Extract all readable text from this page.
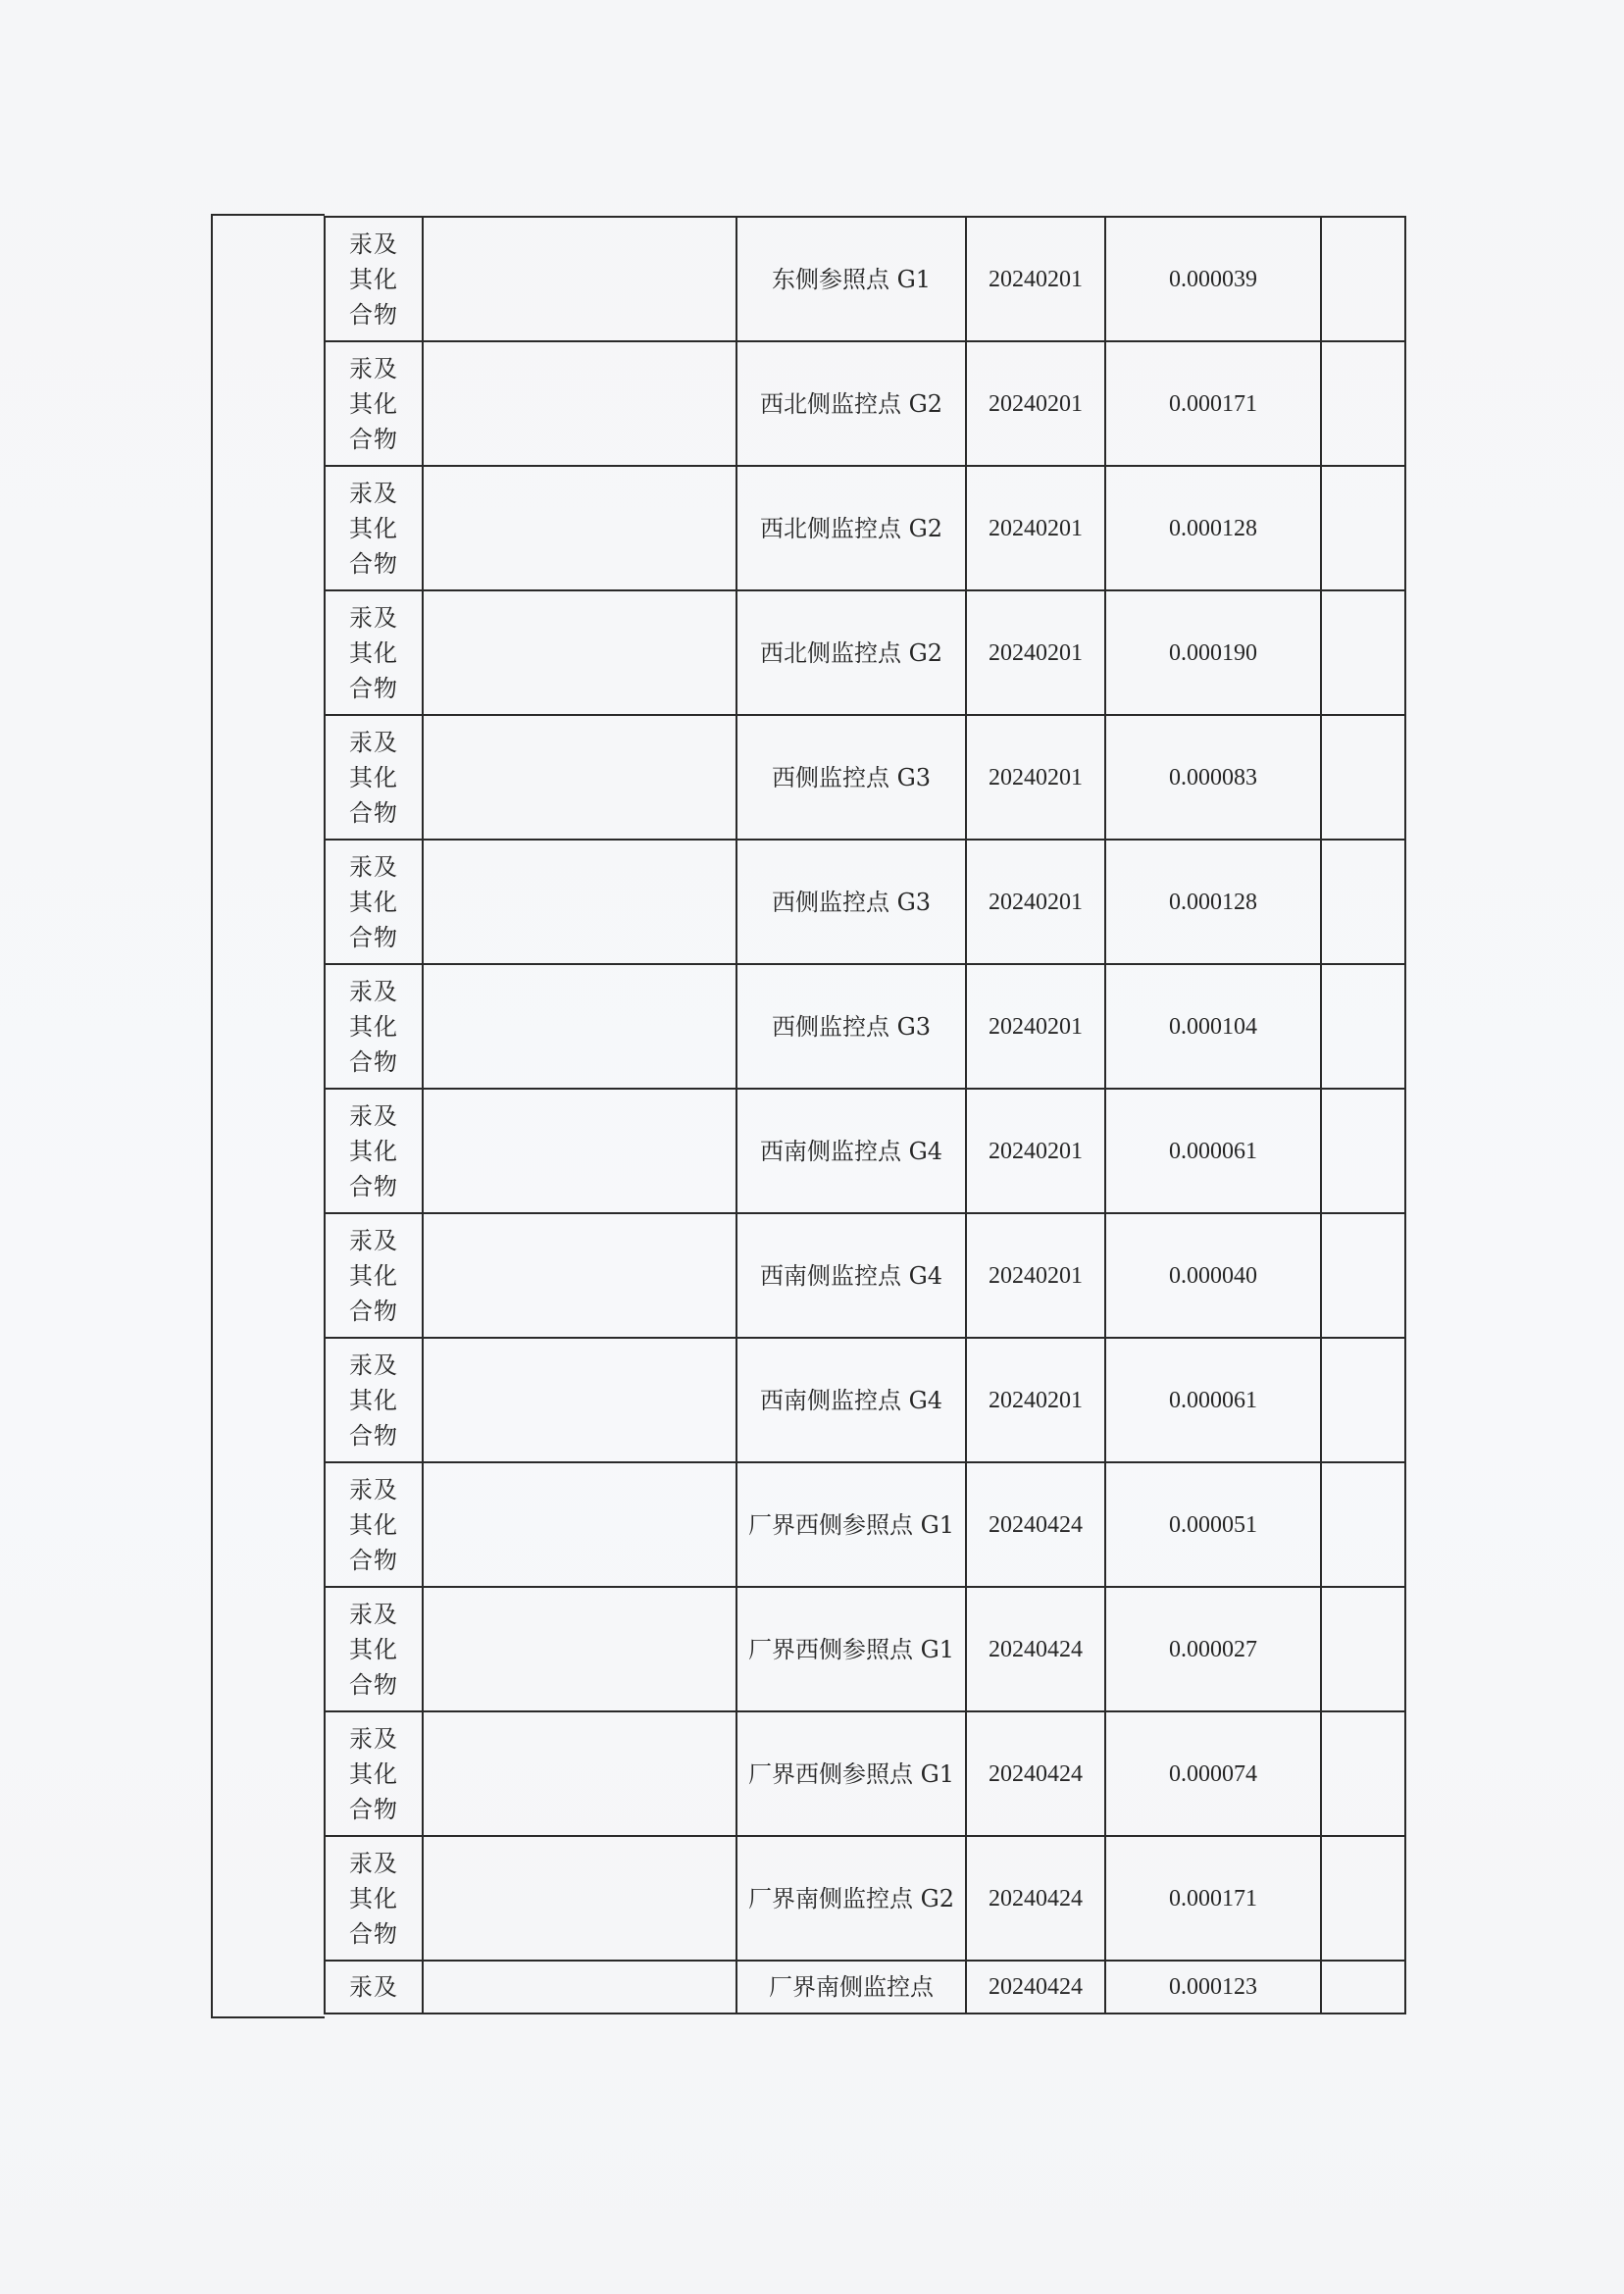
汞及其化合物		东侧参照点 G1	20240201	0.000039	
汞及其化合物		西北侧监控点 G2	20240201	0.000171	
汞及其化合物		西北侧监控点 G2	20240201	0.000128	
汞及其化合物		西北侧监控点 G2	20240201	0.000190	
汞及其化合物		西侧监控点 G3	20240201	0.000083	
汞及其化合物		西侧监控点 G3	20240201	0.000128	
汞及其化合物		西侧监控点 G3	20240201	0.000104	
汞及其化合物		西南侧监控点 G4	20240201	0.000061	
汞及其化合物		西南侧监控点 G4	20240201	0.000040	
汞及其化合物		西南侧监控点 G4	20240201	0.000061	
汞及其化合物		厂界西侧参照点 G1	20240424	0.000051	
汞及其化合物		厂界西侧参照点 G1	20240424	0.000027	
汞及其化合物		厂界西侧参照点 G1	20240424	0.000074	
汞及其化合物		厂界南侧监控点 G2	20240424	0.000171	
汞及		厂界南侧监控点	20240424	0.000123	
